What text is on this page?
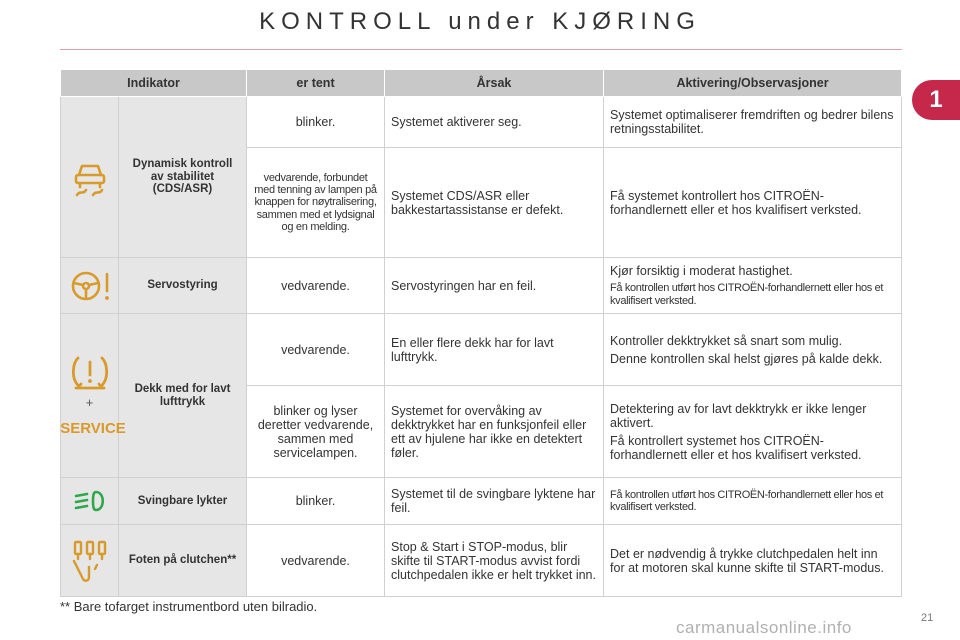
KONTROLL under KJØRING
1
Indikator		er tent	Årsak	Aktivering/Observasjoner
	Dynamisk kontroll av stabilitet (CDS/ASR)	blinker.	Systemet aktiverer seg.	Systemet optimaliserer fremdriften og bedrer bilens retningsstabilitet.

		vedvarende, forbundet med tenning av lampen på knappen for nøytralisering, sammen med et lydsignal og en melding.	Systemet CDS/ASR eller bakkestartassistanse er defekt.	Få systemet kontrollert hos CITROËN-forhandlernett eller et hos kvalifisert verksted.

	Servostyring	vedvarende.	Servostyringen har en feil.	Kjør forsiktig i moderat hastighet.
Få kontrollen utført hos CITROËN-forhandlernett eller hos et kvalifisert verksted.

+
SERVICE	Dekk med for lavt lufttrykk	vedvarende.	En eller flere dekk har for lavt lufttrykk.	Kontroller dekktrykket så snart som mulig.
Denne kontrollen skal helst gjøres på kalde dekk.

		blinker og lyser deretter vedvarende, sammen med servicelampen.	Systemet for overvåking av dekktrykket har en funksjonfeil eller ett av hjulene har ikke en detektert føler.	Detektering av for lavt dekktrykk er ikke lenger aktivert.
Få kontrollert systemet hos CITROËN-forhandlernett eller et hos kvalifisert verksted.

	Svingbare lykter	blinker.	Systemet til de svingbare lyktene har feil.	Få kontrollen utført hos CITROËN-forhandlernett eller hos et kvalifisert verksted.

	Foten på clutchen**	vedvarende.	Stop & Start i STOP-modus, blir skifte til START-modus avvist fordi clutchpedalen ikke er helt trykket inn.	Det er nødvendig å trykke clutchpedalen helt inn for at motoren skal kunne skifte til START-modus.
** Bare tofarget instrumentbord uten bilradio.
21
carmanualsonline.info
